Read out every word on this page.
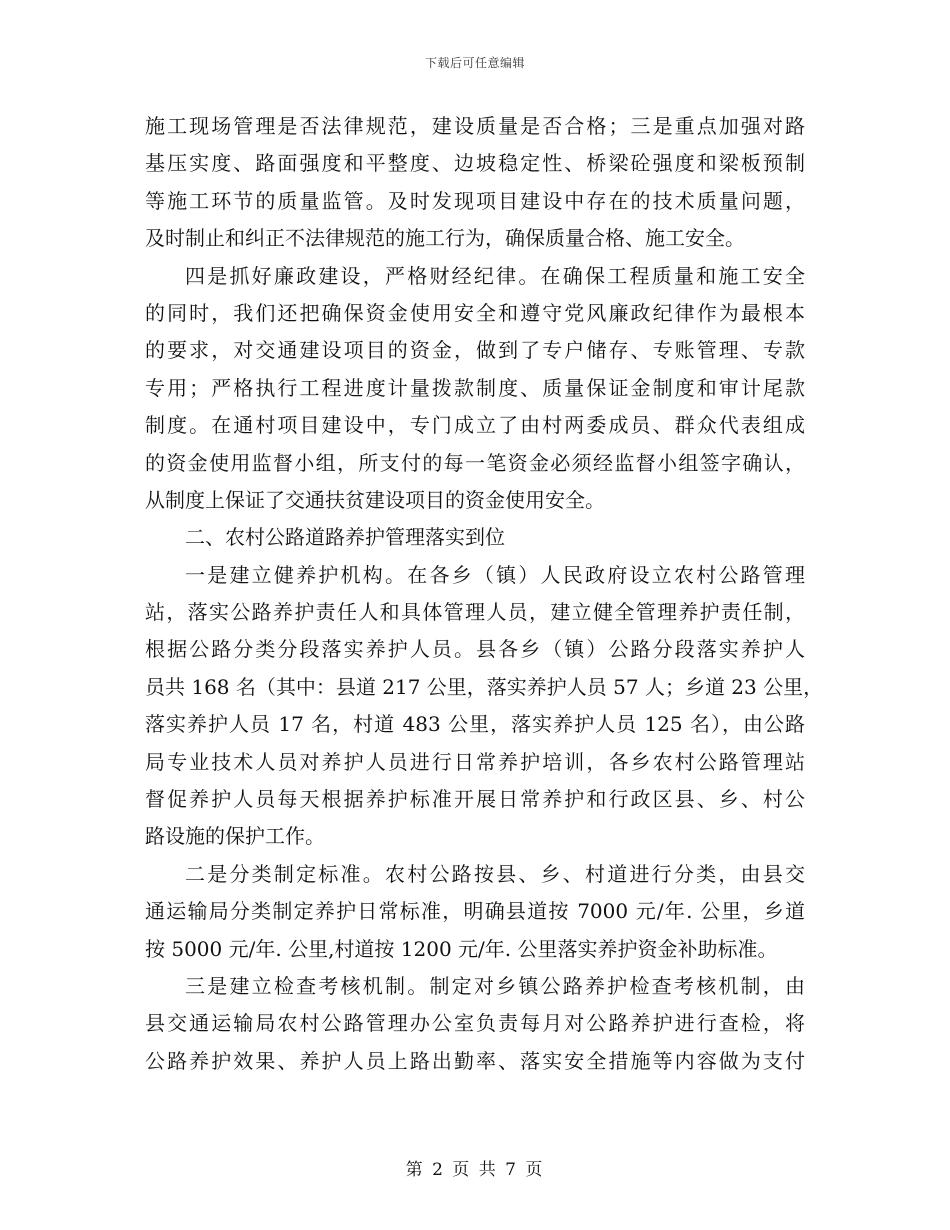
下载后可任意编辑
施工现场管理是否法律规范，建设质量是否合格；三是重点加强对路
基压实度、路面强度和平整度、边坡稳定性、桥梁砼强度和梁板预制
等施工环节的质量监管。及时发现项目建设中存在的技术质量问题，
及时制止和纠正不法律规范的施工行为，确保质量合格、施工安全。
四是抓好廉政建设，严格财经纪律。在确保工程质量和施工安全
的同时，我们还把确保资金使用安全和遵守党风廉政纪律作为最根本
的要求，对交通建设项目的资金，做到了专户储存、专账管理、专款
专用；严格执行工程进度计量拨款制度、质量保证金制度和审计尾款
制度。在通村项目建设中，专门成立了由村两委成员、群众代表组成
的资金使用监督小组，所支付的每一笔资金必须经监督小组签字确认，
从制度上保证了交通扶贫建设项目的资金使用安全。
二、农村公路道路养护管理落实到位
一是建立健养护机构。在各乡（镇）人民政府设立农村公路管理
站，落实公路养护责任人和具体管理人员，建立健全管理养护责任制，
根据公路分类分段落实养护人员。县各乡（镇）公路分段落实养护人
员共 168 名（其中：县道 217 公里，落实养护人员 57 人；乡道 23 公里，
落实养护人员 17 名，村道 483 公里，落实养护人员 125 名），由公路
局专业技术人员对养护人员进行日常养护培训，各乡农村公路管理站
督促养护人员每天根据养护标准开展日常养护和行政区县、乡、村公
路设施的保护工作。
二是分类制定标准。农村公路按县、乡、村道进行分类，由县交
通运输局分类制定养护日常标准，明确县道按 7000 元/年. 公里，乡道
按 5000 元/年. 公里,村道按 1200 元/年. 公里落实养护资金补助标准。
三是建立检查考核机制。制定对乡镇公路养护检查考核机制，由
县交通运输局农村公路管理办公室负责每月对公路养护进行查检，将
公路养护效果、养护人员上路出勤率、落实安全措施等内容做为支付
第 2 页 共 7 页
